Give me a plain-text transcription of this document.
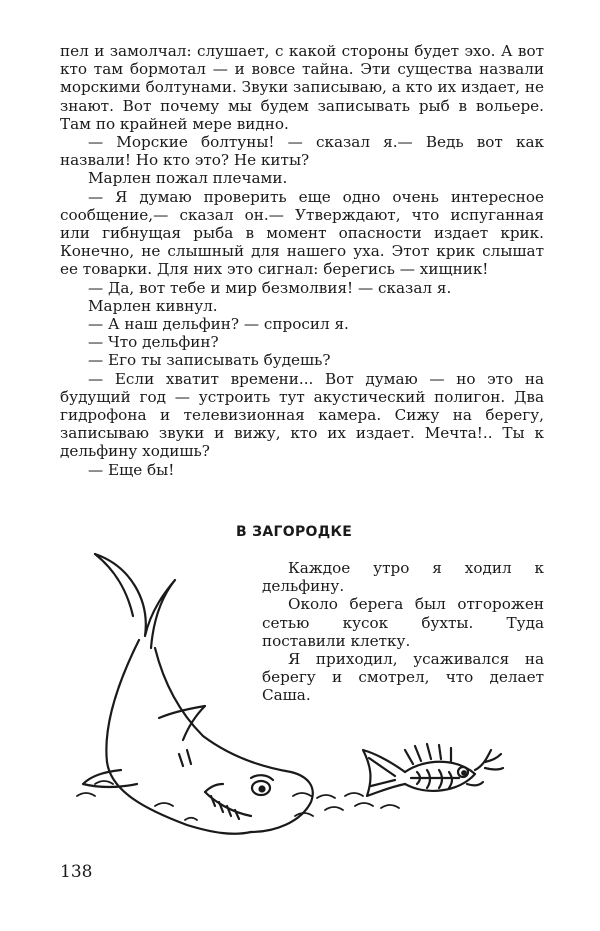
пел и замолчал: слушает, с какой стороны будет эхо. А вот кто там бормотал — и вовсе тайна. Эти существа назвали морскими болтунами. Звуки записываю, а кто их издает, не знают. Вот почему мы будем записывать рыб в вольере. Там по крайней мере видно.

— Морские болтуны! — сказал я.— Ведь вот как назвали! Но кто это? Не киты?

Марлен пожал плечами.

— Я думаю проверить еще одно очень интересное сообщение,— сказал он.— Утверждают, что испуганная или гибнущая рыба в момент опасности издает крик. Конечно, не слышный для нашего уха. Этот крик слышат ее товарки. Для них это сигнал: берегись — хищник!

— Да, вот тебе и мир безмолвия! — сказал я.

Марлен кивнул.

— А наш дельфин? — спросил я.

— Что дельфин?

— Его ты записывать будешь?

— Если хватит времени... Вот думаю — но это на будущий год — устроить тут акустический полигон. Два гидрофона и телевизионная камера. Сижу на берегу, записываю звуки и вижу, кто их издает. Мечта!.. Ты к дельфину ходишь?

— Еще бы!

В ЗАГОРОДКЕ

Каждое утро я ходил к дельфину.

Около берега был отгорожен сетью кусок бухты. Туда поставили клетку.

Я приходил, усаживался на берегу и смотрел, что делает Саша.

138
